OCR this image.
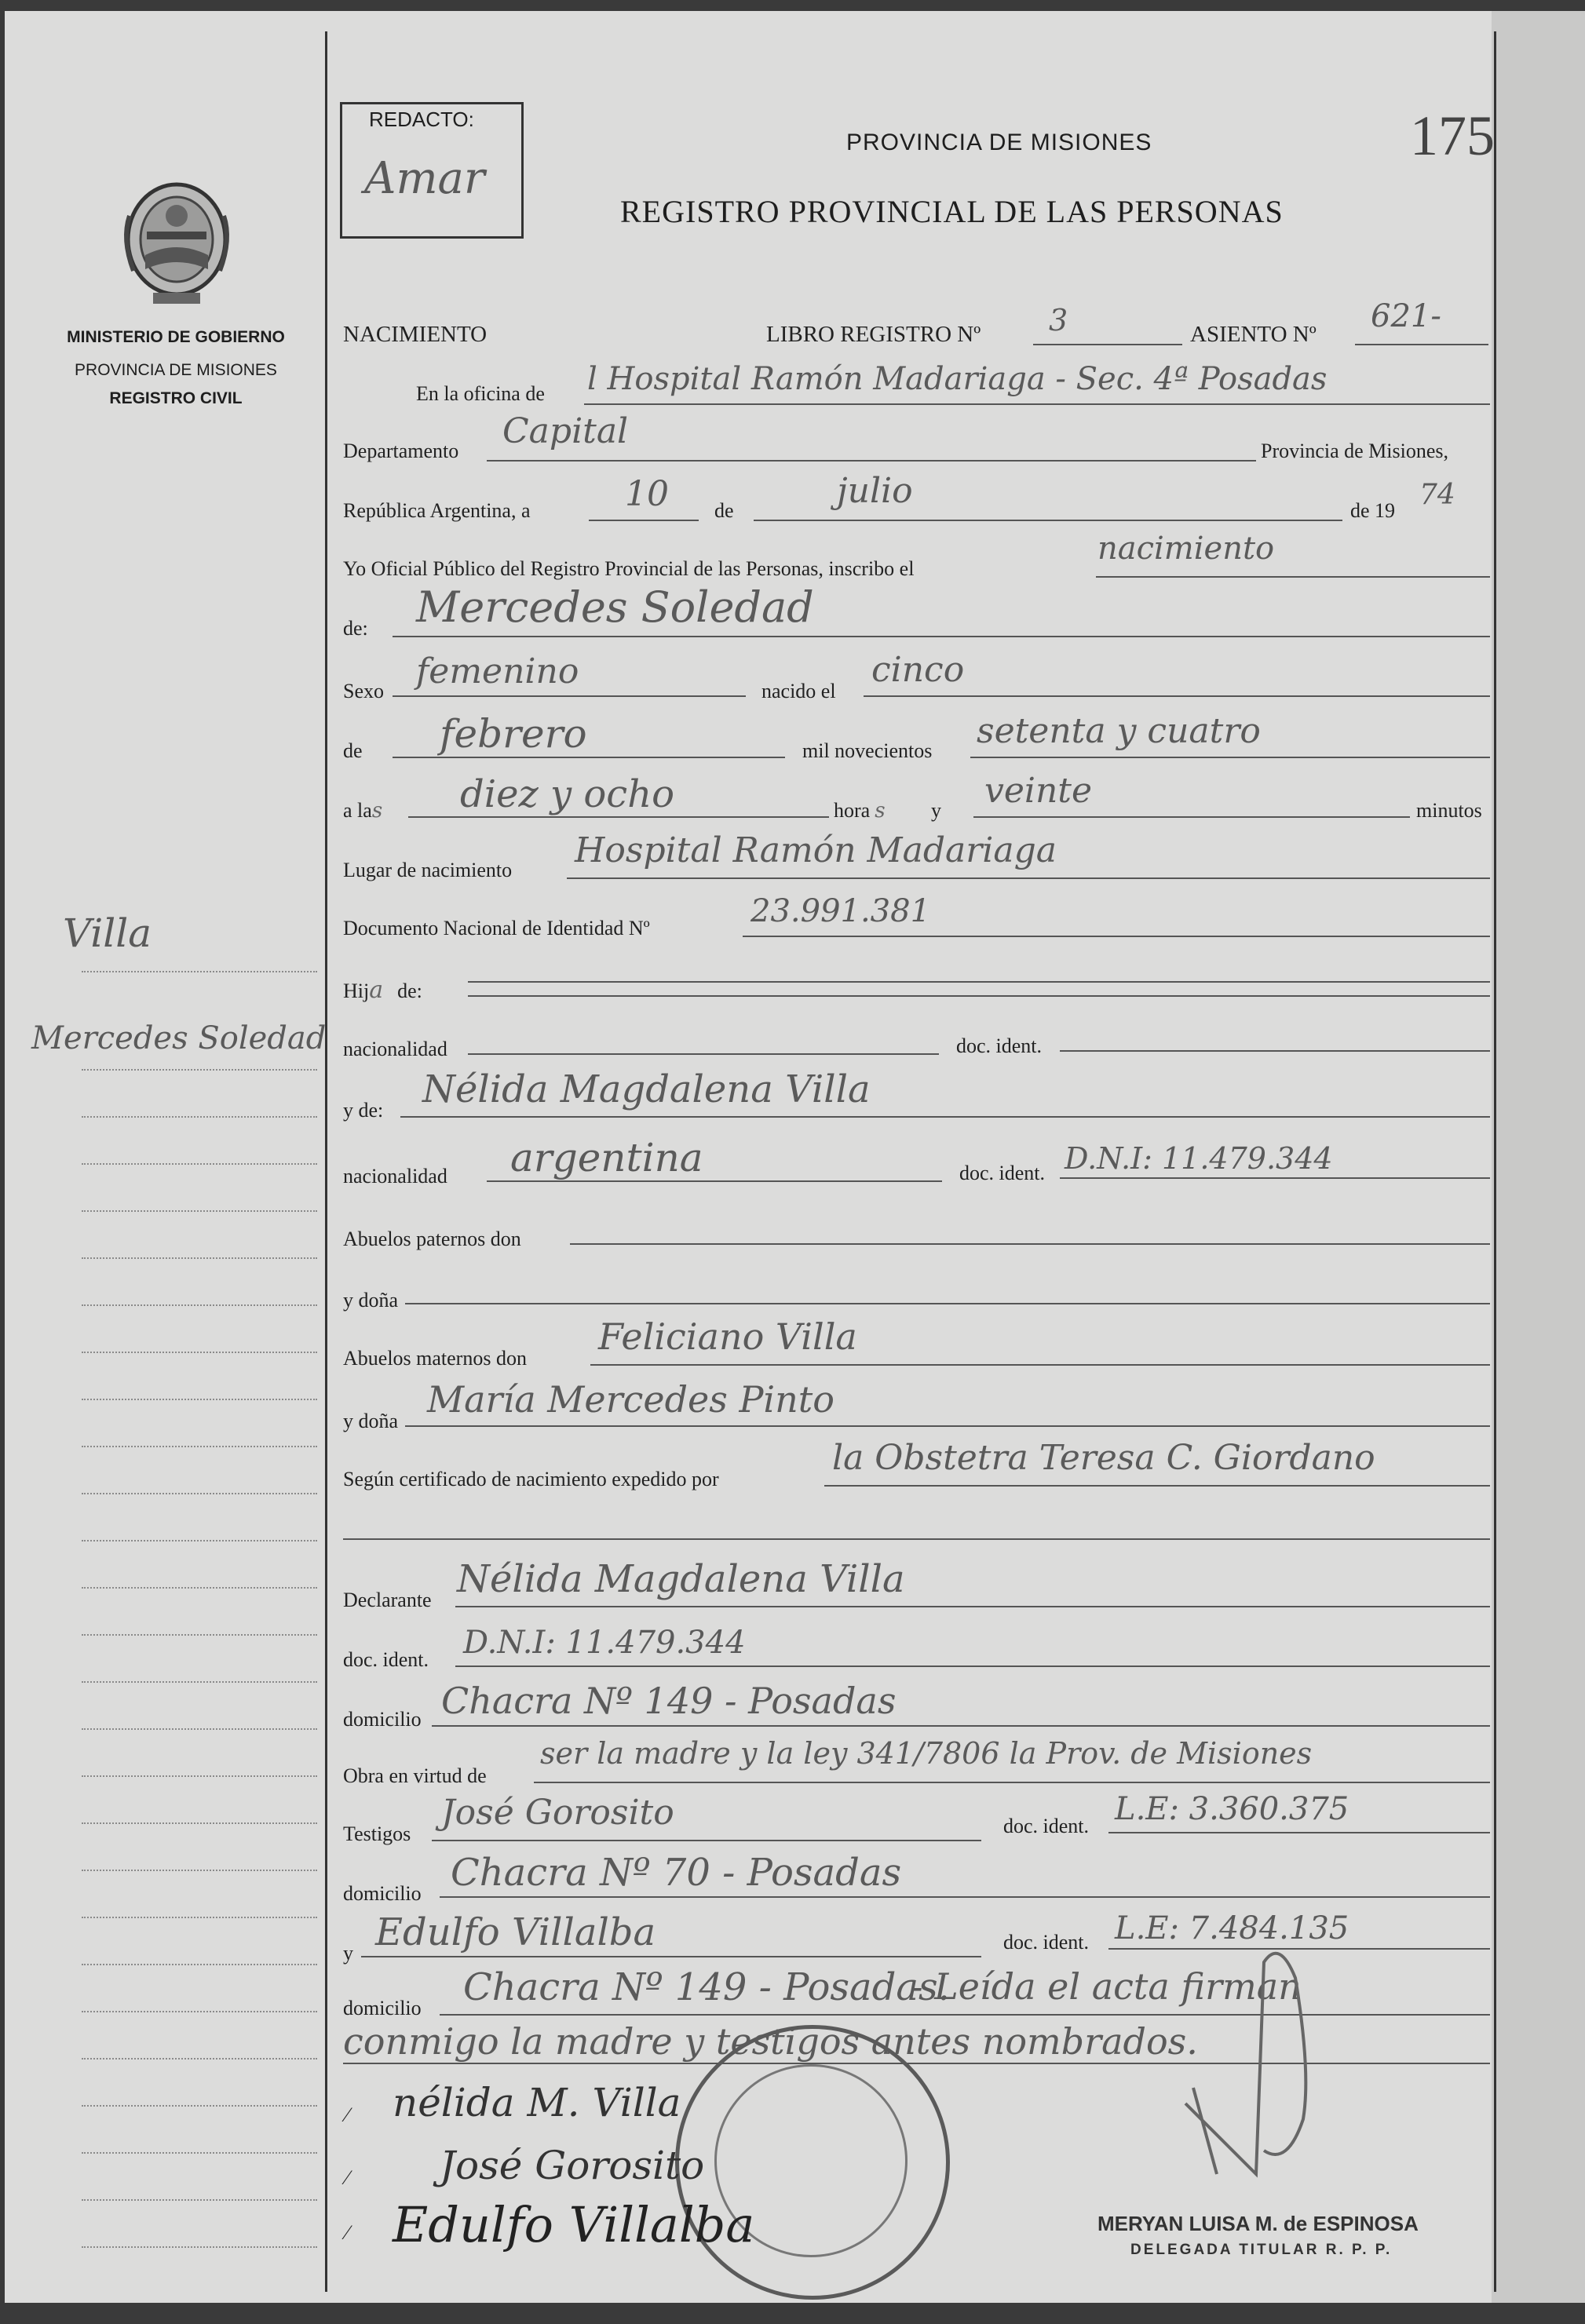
MINISTERIO DE GOBIERNO
PROVINCIA DE MISIONES
REGISTRO CIVIL
Villa
Mercedes Soledad
REDACTO:
Amar
PROVINCIA DE MISIONES
REGISTRO PROVINCIAL DE LAS PERSONAS
175
NACIMIENTO	LIBRO REGISTRO Nº 3	ASIENTO Nº 621-
En la oficina de l Hospital Ramón Madariaga - Sec. 4ª Posadas
Departamento Capital	Provincia de Misiones,
República Argentina, a	10 de	julio	de 19 74
Yo Oficial Público del Registro Provincial de las Personas, inscribo el
nacimiento
de: Mercedes Soledad
Sexo femenino	nacido el
cinco
de febrero	mil novecientos setenta y cuatro
a las diez y ocho	hora s y veinte	minutos
Lugar de nacimiento Hospital Ramón Madariaga
Documento Nacional de Identidad Nº	23.991.381
Hija de:
nacionalidad	doc. ident.
y de: Nélida Magdalena Villa
nacionalidad argentina	doc. ident. D.N.I: 11.479.344
Abuelos paternos don
y doña
Abuelos maternos don
Feliciano Villa
y doña
María Mercedes Pinto
Según certificado de nacimiento expedido por
la Obstetra Teresa C. Giordano
Declarante Nélida Magdalena Villa
doc. ident. D.N.I: 11.479.344
domicilio Chacra Nº 149 - Posadas
Obra en virtud de
ser la madre y la ley 341/7806 la Prov. de Misiones
Testigos
José Gorosito	doc. ident. L.E: 3.360.375
domicilio Chacra Nº 70 - Posadas
y Edulfo Villalba	doc. ident. L.E: 7.484.135
domicilio Chacra Nº 149 - Posadas.
- Leída el acta firman
conmigo la madre y testigos antes nombrados.
⁄ nélida M. Villa
⁄ José Gorosito
⁄ Edulfo Villalba	MERYAN LUISA M. de ESPINOSA
DELEGADA TITULAR R. P. P.
